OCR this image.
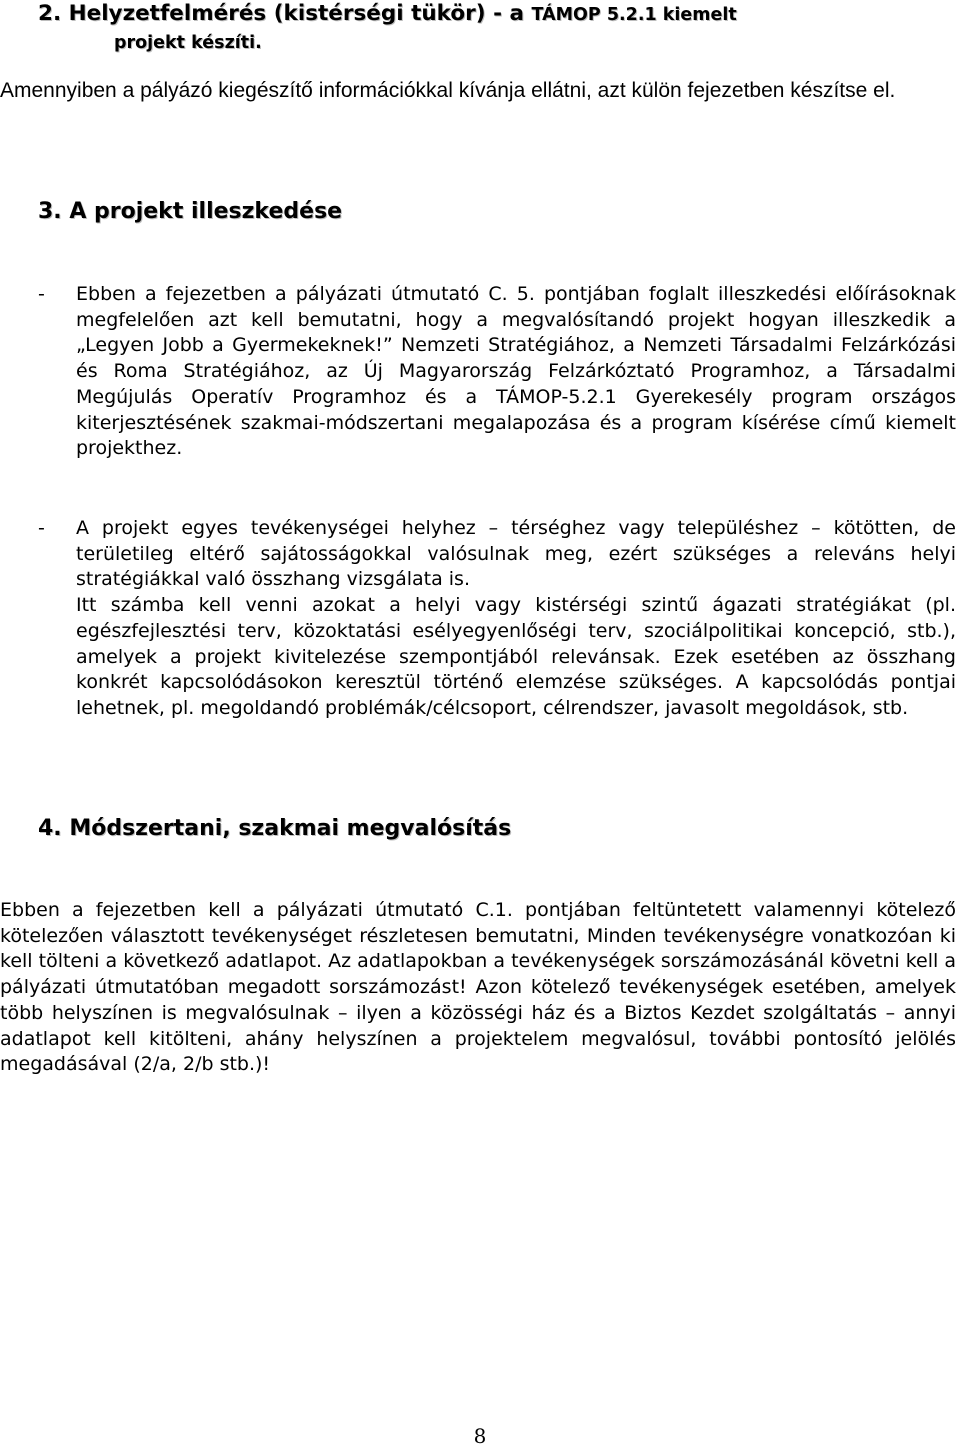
2. Helyzetfelmérés (kistérségi tükör) - a TÁMOP 5.2.1 kiemelt
projekt készíti.
Amennyiben a pályázó kiegészítő információkkal kívánja ellátni, azt külön fejezetben készítse el.
3. A projekt illeszkedése
- Ebben a fejezetben a pályázati útmutató C. 5. pontjában foglalt illeszkedési előírásoknak megfelelően azt kell bemutatni, hogy a megvalósítandó projekt hogyan illeszkedik a „Legyen Jobb a Gyermekeknek!” Nemzeti Stratégiához, a Nemzeti Társadalmi Felzárkózási és Roma Stratégiához, az Új Magyarország Felzárkóztató Programhoz, a Társadalmi Megújulás Operatív Programhoz és a TÁMOP-5.2.1 Gyerekesély program országos kiterjesztésének szakmai-módszertani megalapozása és a program kísérése című kiemelt projekthez.
- A projekt egyes tevékenységei helyhez – térséghez vagy településhez – kötötten, de területileg eltérő sajátosságokkal valósulnak meg, ezért szükséges a releváns helyi stratégiákkal való összhang vizsgálata is.

Itt számba kell venni azokat a helyi vagy kistérségi szintű ágazati stratégiákat (pl. egészfejlesztési terv, közoktatási esélyegyenlőségi terv, szociálpolitikai koncepció, stb.), amelyek a projekt kivitelezése szempontjából relevánsak. Ezek esetében az összhang konkrét kapcsolódásokon keresztül történő elemzése szükséges. A kapcsolódás pontjai lehetnek, pl. megoldandó problémák/célcsoport, célrendszer, javasolt megoldások, stb.

4. Módszertani, szakmai megvalósítás
Ebben a fejezetben kell a pályázati útmutató C.1. pontjában feltüntetett valamennyi kötelező kötelezően választott tevékenységet részletesen bemutatni, Minden tevékenységre vonatkozóan ki kell tölteni a következő adatlapot. Az adatlapokban a tevékenységek sorszámozásánál követni kell a pályázati útmutatóban megadott sorszámozást! Azon kötelező tevékenységek esetében, amelyek több helyszínen is megvalósulnak – ilyen a közösségi ház és a Biztos Kezdet szolgáltatás – annyi adatlapot kell kitölteni, ahány helyszínen a projektelem megvalósul, további pontosító jelölés megadásával (2/a, 2/b stb.)!
8
